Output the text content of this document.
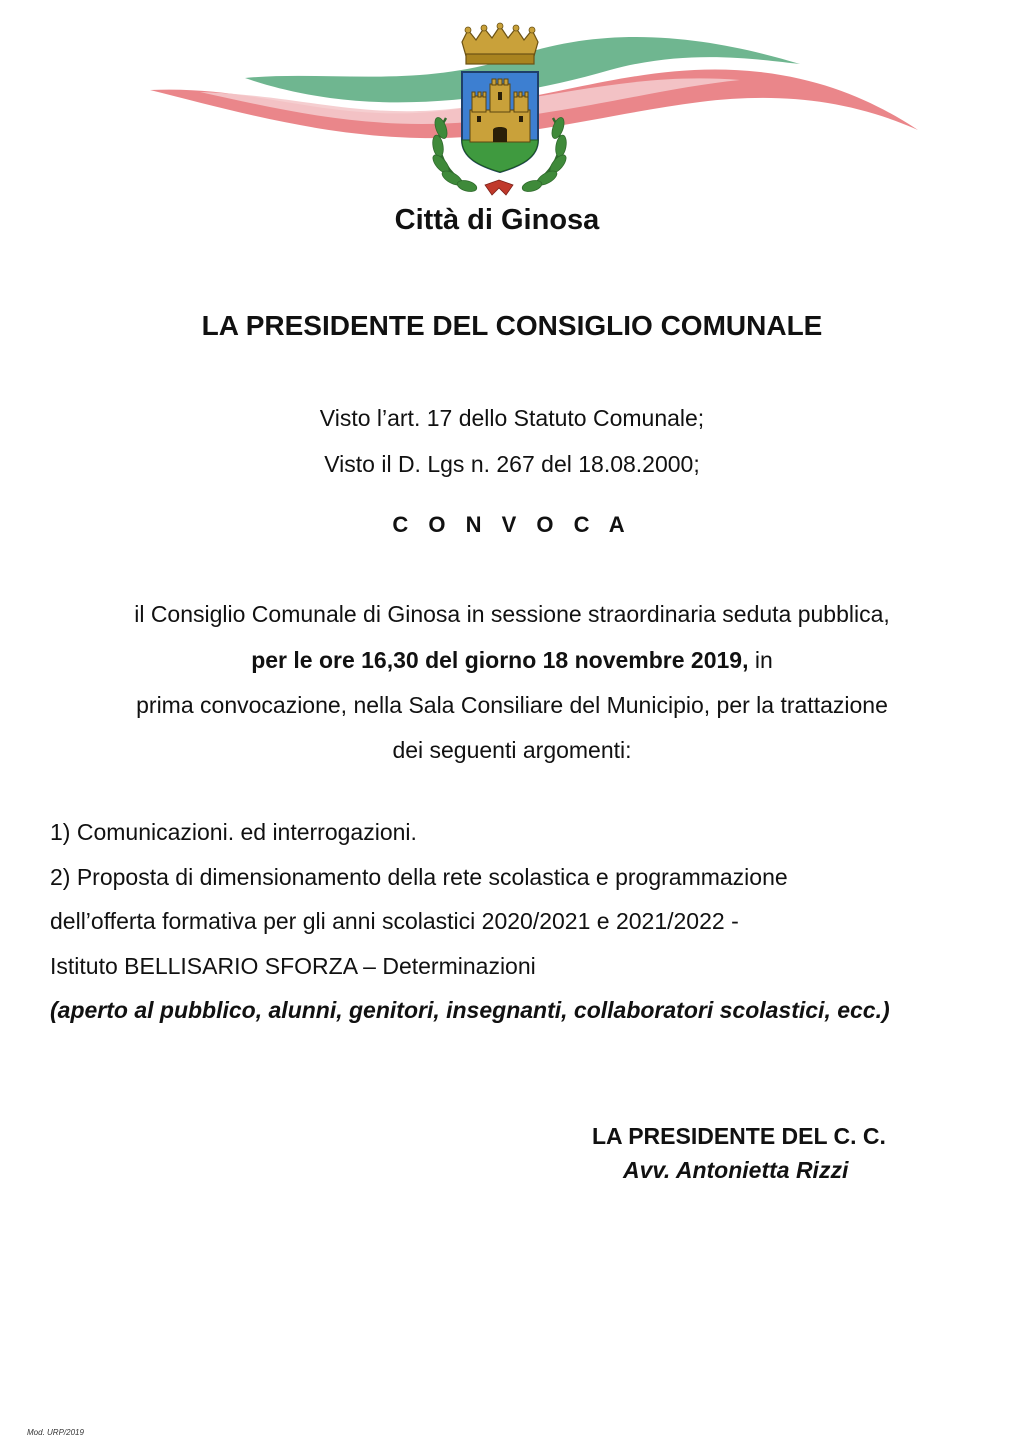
Città di Ginosa
LA PRESIDENTE DEL CONSIGLIO COMUNALE
Visto l’art. 17 dello Statuto Comunale;
Visto il D. Lgs n. 267 del 18.08.2000;
C O N V O C A
il Consiglio Comunale di Ginosa in sessione straordinaria seduta pubblica,
per le ore 16,30 del giorno 18 novembre 2019, in
prima convocazione, nella Sala Consiliare del Municipio, per la trattazione
dei seguenti argomenti:
1) Comunicazioni. ed interrogazioni.
2) Proposta di dimensionamento della rete scolastica e programmazione
dell’offerta formativa per gli anni scolastici 2020/2021 e 2021/2022 -
Istituto BELLISARIO SFORZA – Determinazioni
(aperto al pubblico, alunni, genitori, insegnanti, collaboratori scolastici, ecc.)
LA PRESIDENTE DEL C. C.
Avv. Antonietta Rizzi
Mod. URP/2019
